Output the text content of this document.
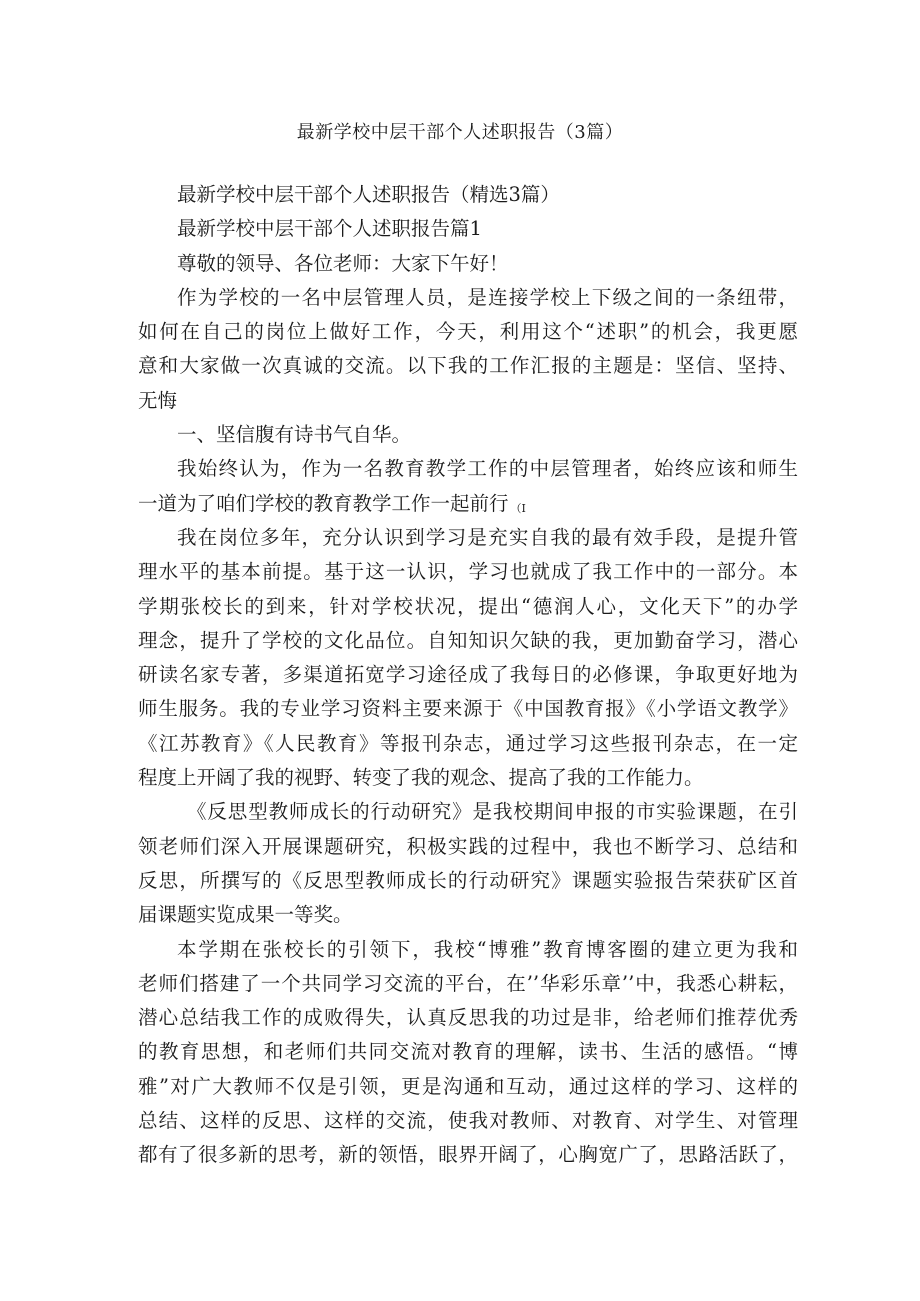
最新学校中层干部个人述职报告（3篇）
最新学校中层干部个人述职报告（精选3篇）
最新学校中层干部个人述职报告篇1
尊敬的领导、各位老师：大家下午好！
作为学校的一名中层管理人员，是连接学校上下级之间的一条纽带，
如何在自己的岗位上做好工作，今天，利用这个“述职”的机会，我更愿
意和大家做一次真诚的交流。以下我的工作汇报的主题是：坚信、坚持、
无悔
一、坚信腹有诗书气自华。
我始终认为，作为一名教育教学工作的中层管理者，始终应该和师生
一道为了咱们学校的教育教学工作一起前行 （I
我在岗位多年，充分认识到学习是充实自我的最有效手段，是提升管
理水平的基本前提。基于这一认识，学习也就成了我工作中的一部分。本
学期张校长的到来，针对学校状况，提出“德润人心，文化天下”的办学
理念，提升了学校的文化品位。自知知识欠缺的我，更加勤奋学习，潜心
研读名家专著，多渠道拓宽学习途径成了我每日的必修课，争取更好地为
师生服务。我的专业学习资料主要来源于《中国教育报》《小学语文教学》
《江苏教育》《人民教育》等报刊杂志，通过学习这些报刊杂志，在一定
程度上开阔了我的视野、转变了我的观念、提高了我的工作能力。
《反思型教师成长的行动研究》是我校期间申报的市实验课题，在引
领老师们深入开展课题研究，积极实践的过程中，我也不断学习、总结和
反思，所撰写的《反思型教师成长的行动研究》课题实验报告荣获矿区首
届课题实览成果一等奖。
本学期在张校长的引领下，我校“博雅”教育博客圈的建立更为我和
老师们搭建了一个共同学习交流的平台，在’’华彩乐章’’中，我悉心耕耘，
潜心总结我工作的成败得失，认真反思我的功过是非，给老师们推荐优秀
的教育思想，和老师们共同交流对教育的理解，读书、生活的感悟。“博
雅”对广大教师不仅是引领，更是沟通和互动，通过这样的学习、这样的
总结、这样的反思、这样的交流，使我对教师、对教育、对学生、对管理
都有了很多新的思考，新的领悟，眼界开阔了，心胸宽广了，思路活跃了，
